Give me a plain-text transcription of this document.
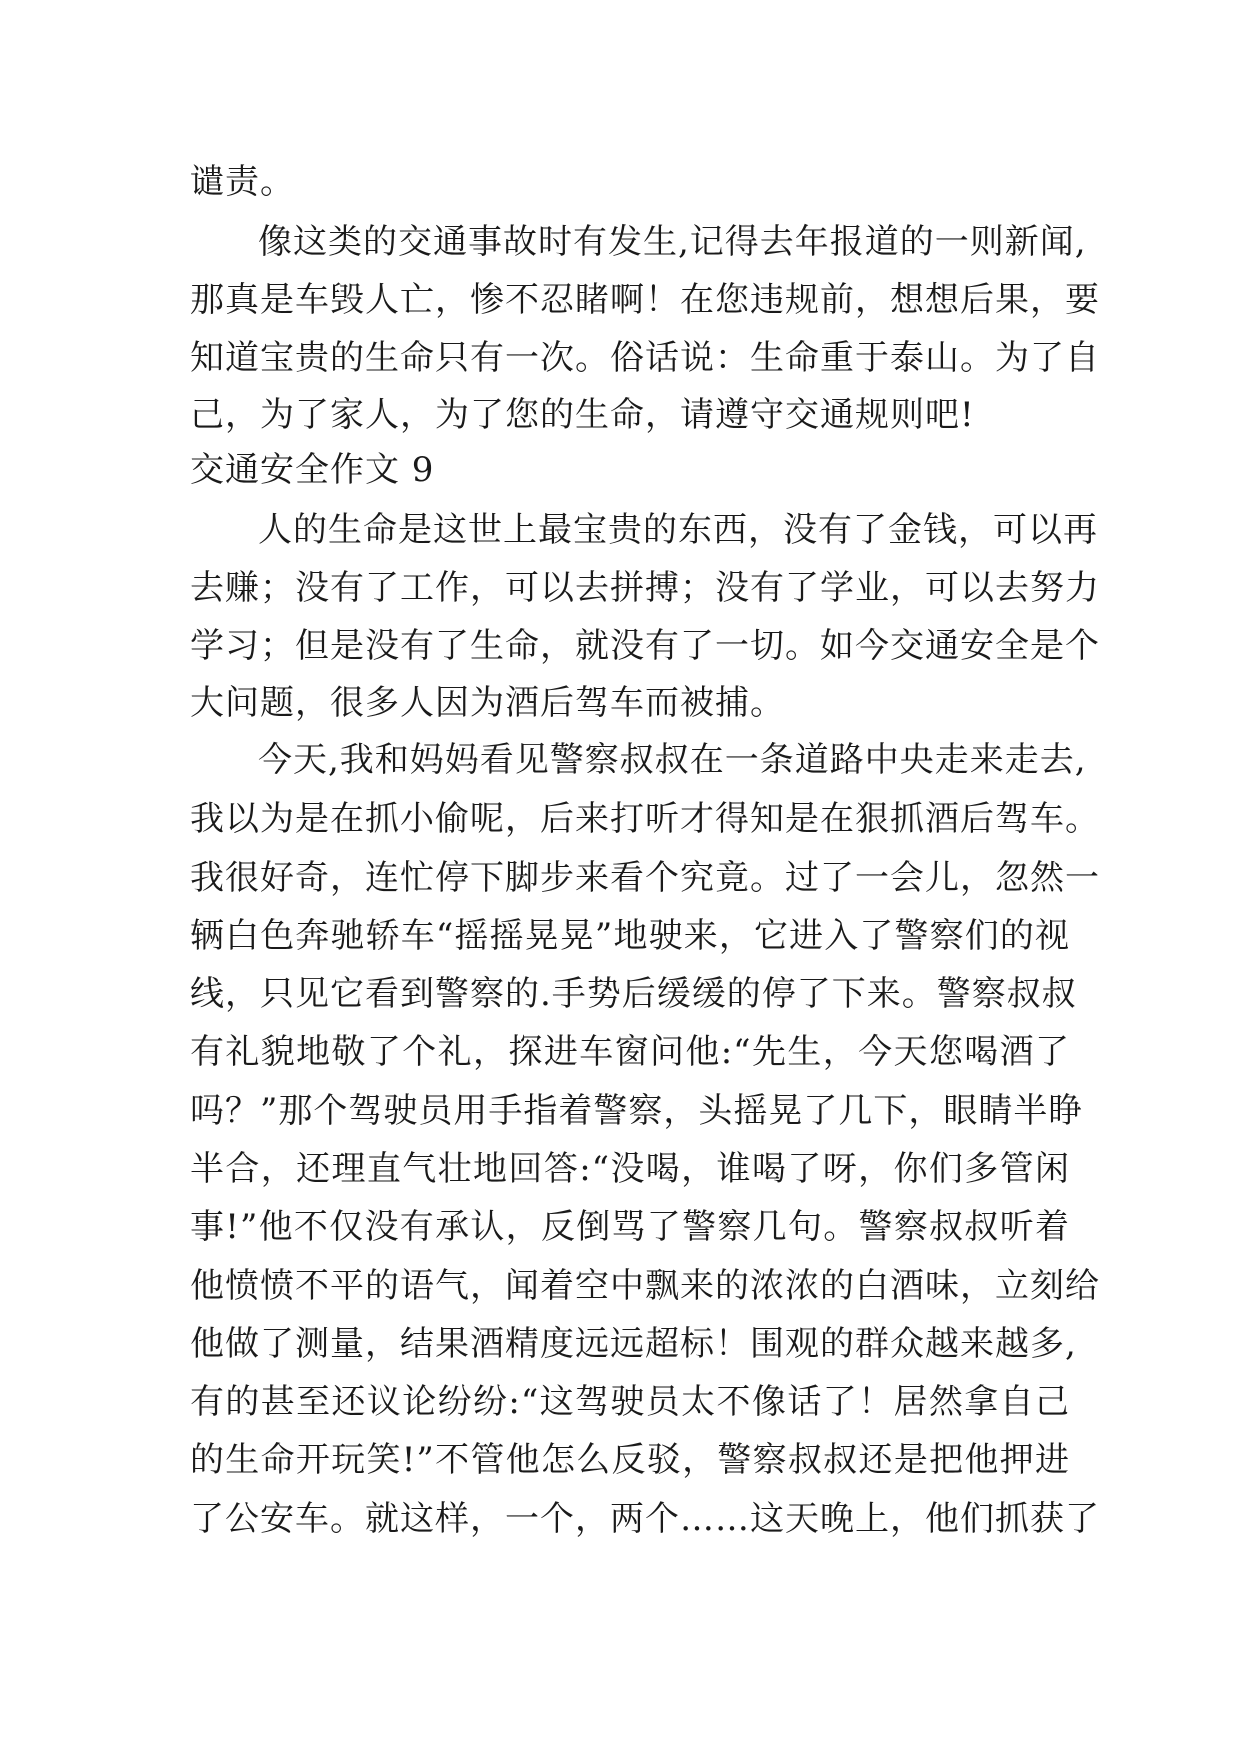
谴责。
像这类的交通事故时有发生,记得去年报道的一则新闻,
那真是车毁人亡，惨不忍睹啊！在您违规前，想想后果，要
知道宝贵的生命只有一次。俗话说：生命重于泰山。为了自
己，为了家人，为了您的生命，请遵守交通规则吧!
交通安全作文 9
人的生命是这世上最宝贵的东西，没有了金钱，可以再
去赚；没有了工作，可以去拼搏；没有了学业，可以去努力
学习；但是没有了生命，就没有了一切。如今交通安全是个
大问题，很多人因为酒后驾车而被捕。
今天,我和妈妈看见警察叔叔在一条道路中央走来走去,
我以为是在抓小偷呢，后来打听才得知是在狠抓酒后驾车。
我很好奇，连忙停下脚步来看个究竟。过了一会儿，忽然一
辆白色奔驰轿车“摇摇晃晃”地驶来，它进入了警察们的视
线，只见它看到警察的.手势后缓缓的停了下来。警察叔叔
有礼貌地敬了个礼，探进车窗问他:“先生，今天您喝酒了
吗？”那个驾驶员用手指着警察，头摇晃了几下，眼睛半睁
半合，还理直气壮地回答:“没喝，谁喝了呀，你们多管闲
事!”他不仅没有承认，反倒骂了警察几句。警察叔叔听着
他愤愤不平的语气，闻着空中飘来的浓浓的白酒味，立刻给
他做了测量，结果酒精度远远超标！围观的群众越来越多,
有的甚至还议论纷纷:“这驾驶员太不像话了！居然拿自己
的生命开玩笑!”不管他怎么反驳，警察叔叔还是把他押进
了公安车。就这样，一个，两个……这天晚上，他们抓获了
